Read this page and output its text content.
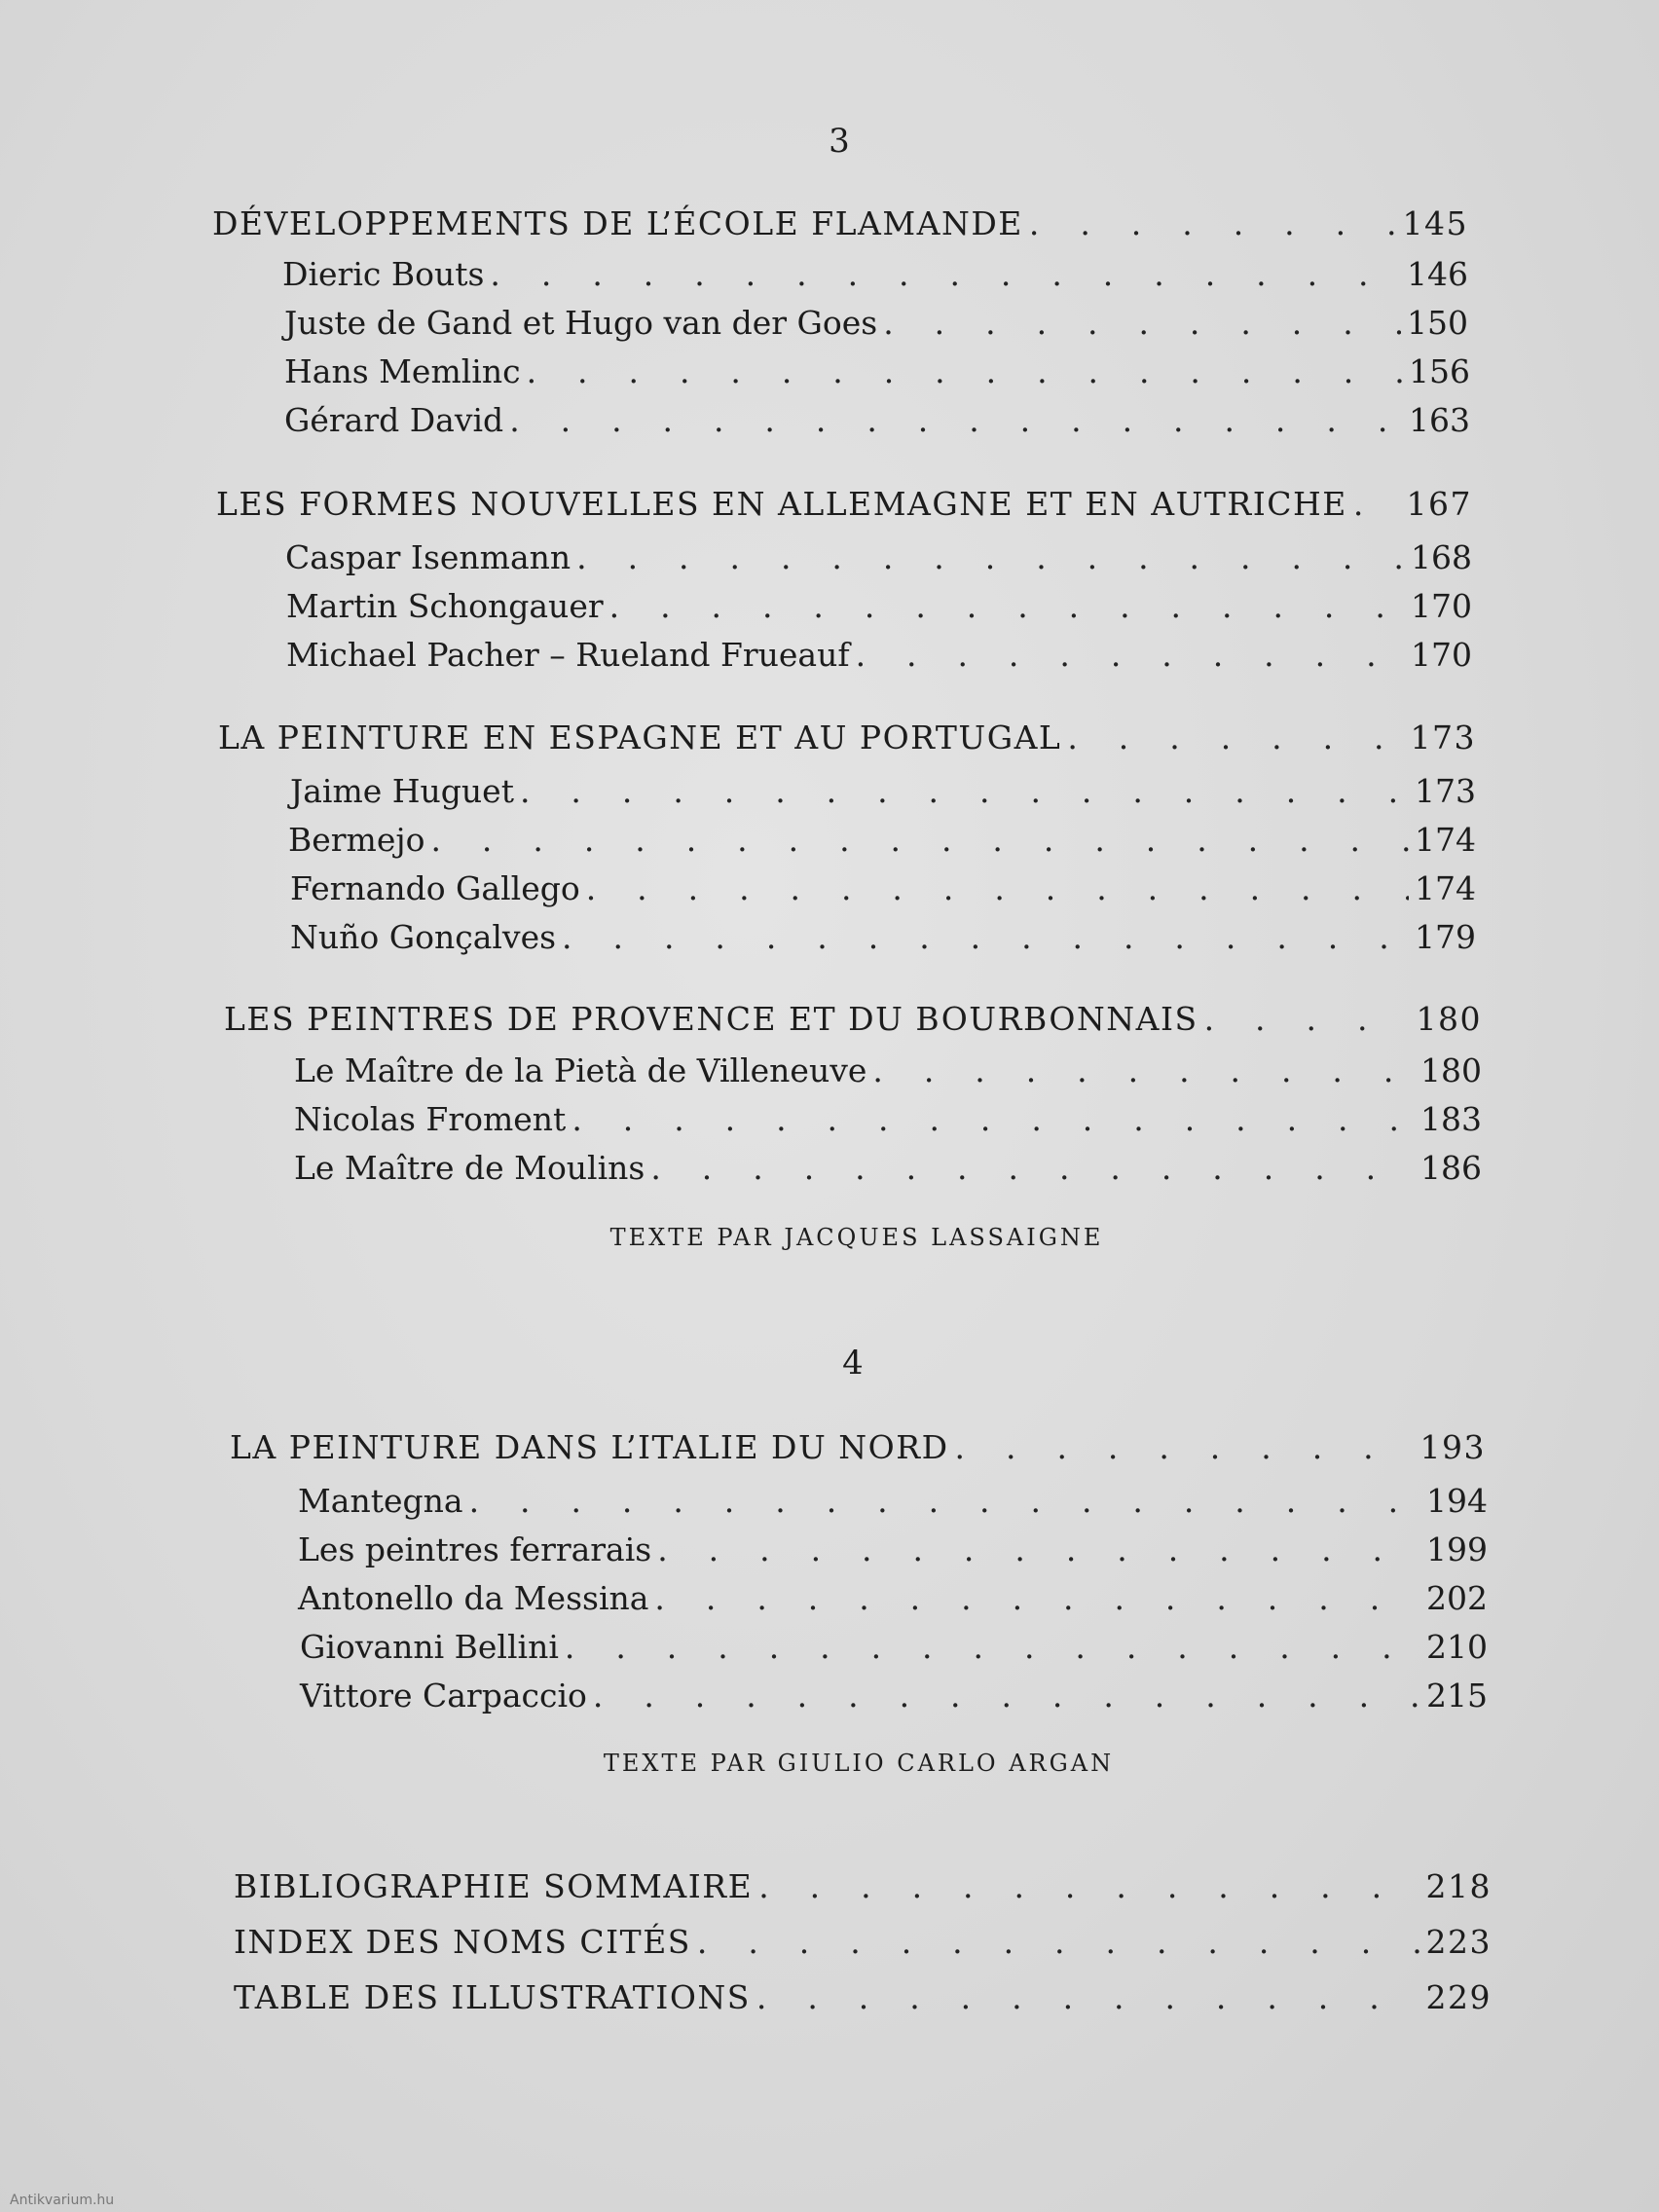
3
DÉVELOPPEMENTS DE L’ÉCOLE FLAMANDE .	145
Dieric Bouts .	146
Juste de Gand et Hugo van der Goes .	150
Hans Memlinc .	156
Gérard David .	163
LES FORMES NOUVELLES EN ALLEMAGNE ET EN AUTRICHE . 167
Caspar Isenmann .	168
Martin Schongauer .	170
Michael Pacher – Rueland Frueauf .	170
LA PEINTURE EN ESPAGNE ET AU PORTUGAL .	173
Jaime Huguet .	173
Bermejo .	174
Fernando Gallego .	174
Nuño Gonçalves .	179
LES PEINTRES DE PROVENCE ET DU BOURBONNAIS .	180
Le Maître de la Pietà de Villeneuve .	180
Nicolas Froment .	183
Le Maître de Moulins .	186
TEXTE PAR JACQUES LASSAIGNE
4
LA PEINTURE DANS L’ITALIE DU NORD .	193
Mantegna .	194
Les peintres ferrarais .	199
Antonello da Messina .	202
Giovanni Bellini .	210
Vittore Carpaccio .	215
TEXTE PAR GIULIO CARLO ARGAN
BIBLIOGRAPHIE SOMMAIRE .	218
INDEX DES NOMS CITÉS .	223
TABLE DES ILLUSTRATIONS .	229
Antikvarium.hu
